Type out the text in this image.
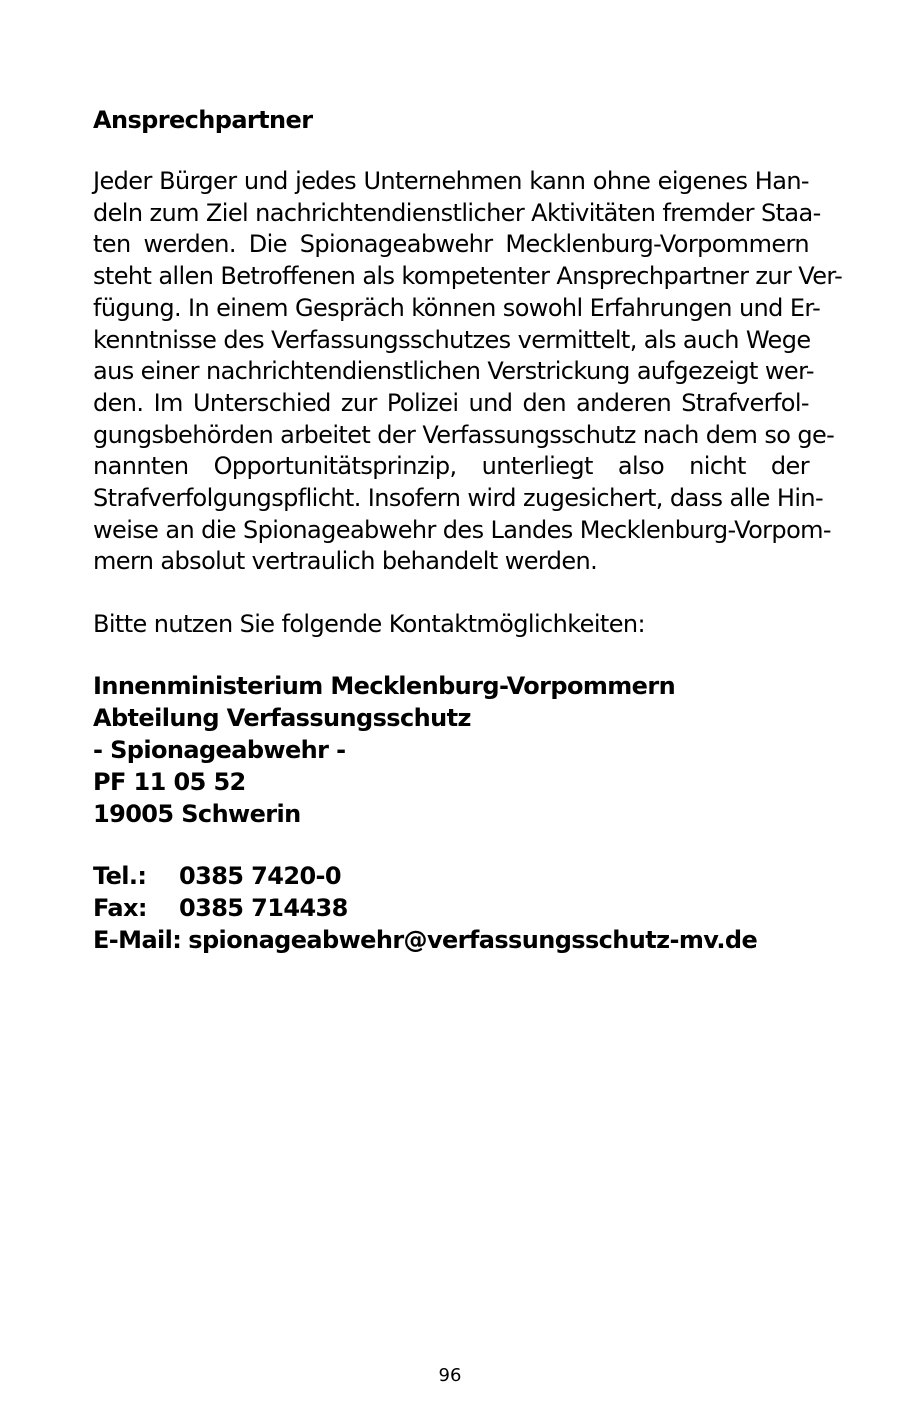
Ansprechpartner

Jeder Bürger und jedes Unternehmen kann ohne eigenes Han-
deln zum Ziel nachrichtendienstlicher Aktivitäten fremder Staa-
ten werden. Die Spionageabwehr Mecklenburg-Vorpommern
steht allen Betroffenen als kompetenter Ansprechpartner zur Ver-
fügung. In einem Gespräch können sowohl Erfahrungen und Er-
kenntnisse des Verfassungsschutzes vermittelt, als auch Wege
aus einer nachrichtendienstlichen Verstrickung aufgezeigt wer-
den. Im Unterschied zur Polizei und den anderen Strafverfol-
gungsbehörden arbeitet der Verfassungsschutz nach dem so ge-
nannten Opportunitätsprinzip, unterliegt also nicht der
Strafverfolgungspflicht. Insofern wird zugesichert, dass alle Hin-
weise an die Spionageabwehr des Landes Mecklenburg-Vorpom-
mern absolut vertraulich behandelt werden.

Bitte nutzen Sie folgende Kontaktmöglichkeiten:

Innenministerium Mecklenburg-Vorpommern
Abteilung Verfassungsschutz
- Spionageabwehr -
PF 11 05 52
19005 Schwerin
Tel.:	0385 7420-0
Fax:	0385 714438
E-Mail: spionageabwehr@verfassungsschutz-mv.de
96
